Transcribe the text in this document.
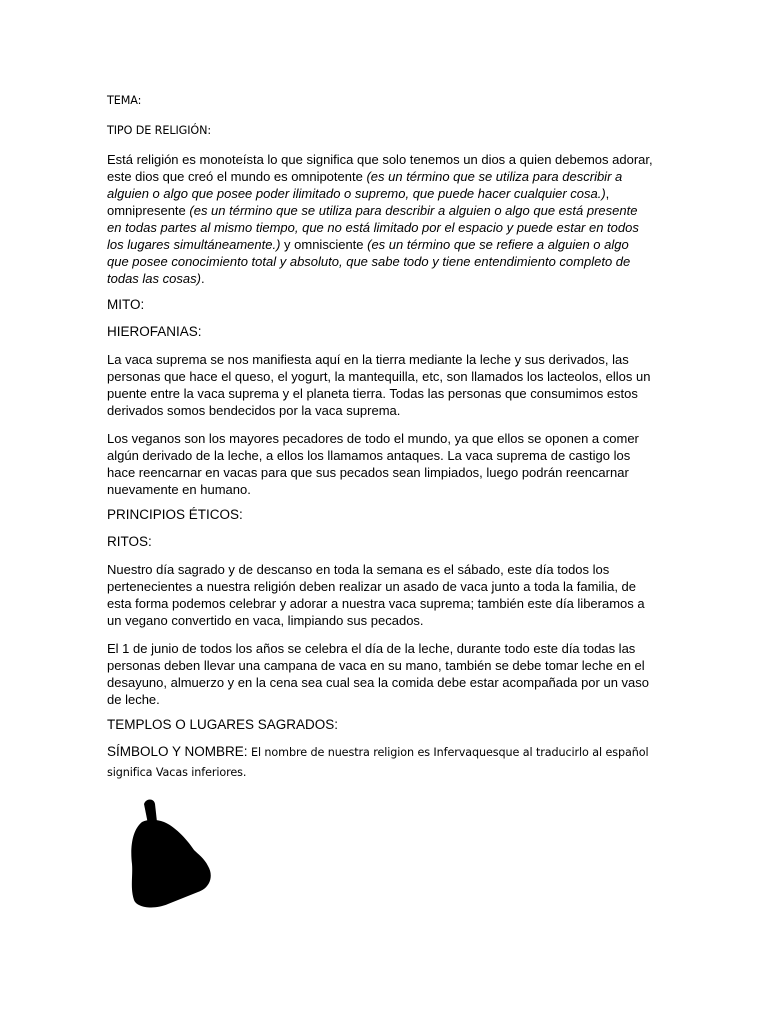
TEMA:
TIPO DE RELIGIÓN:
Está religión es monoteísta lo que significa que solo tenemos un dios a quien debemos adorar,
este dios que creó el mundo es omnipotente (es un término que se utiliza para describir a
alguien o algo que posee poder ilimitado o supremo, que puede hacer cualquier cosa.),
omnipresente (es un término que se utiliza para describir a alguien o algo que está presente
en todas partes al mismo tiempo, que no está limitado por el espacio y puede estar en todos
los lugares simultáneamente.) y omnisciente (es un término que se refiere a alguien o algo
que posee conocimiento total y absoluto, que sabe todo y tiene entendimiento completo de
todas las cosas).
MITO:
HIEROFANIAS:
La vaca suprema se nos manifiesta aquí en la tierra mediante la leche y sus derivados, las
personas que hace el queso, el yogurt, la mantequilla, etc, son llamados los lacteolos, ellos un
puente entre la vaca suprema y el planeta tierra. Todas las personas que consumimos estos
derivados somos bendecidos por la vaca suprema.
Los veganos son los mayores pecadores de todo el mundo, ya que ellos se oponen a comer
algún derivado de la leche, a ellos los llamamos antaques. La vaca suprema de castigo los
hace reencarnar en vacas para que sus pecados sean limpiados, luego podrán reencarnar
nuevamente en humano.
PRINCIPIOS ÉTICOS:
RITOS:
Nuestro día sagrado y de descanso en toda la semana es el sábado, este día todos los
pertenecientes a nuestra religión deben realizar un asado de vaca junto a toda la familia, de
esta forma podemos celebrar y adorar a nuestra vaca suprema; también este día liberamos a
un vegano convertido en vaca, limpiando sus pecados.
El 1 de junio de todos los años se celebra el día de la leche, durante todo este día todas las
personas deben llevar una campana de vaca en su mano, también se debe tomar leche en el
desayuno, almuerzo y en la cena sea cual sea la comida debe estar acompañada por un vaso
de leche.
TEMPLOS O LUGARES SAGRADOS:
SÍMBOLO Y NOMBRE: El nombre de nuestra religion es Infervaquesque al traducirlo al español
significa Vacas inferiores.
